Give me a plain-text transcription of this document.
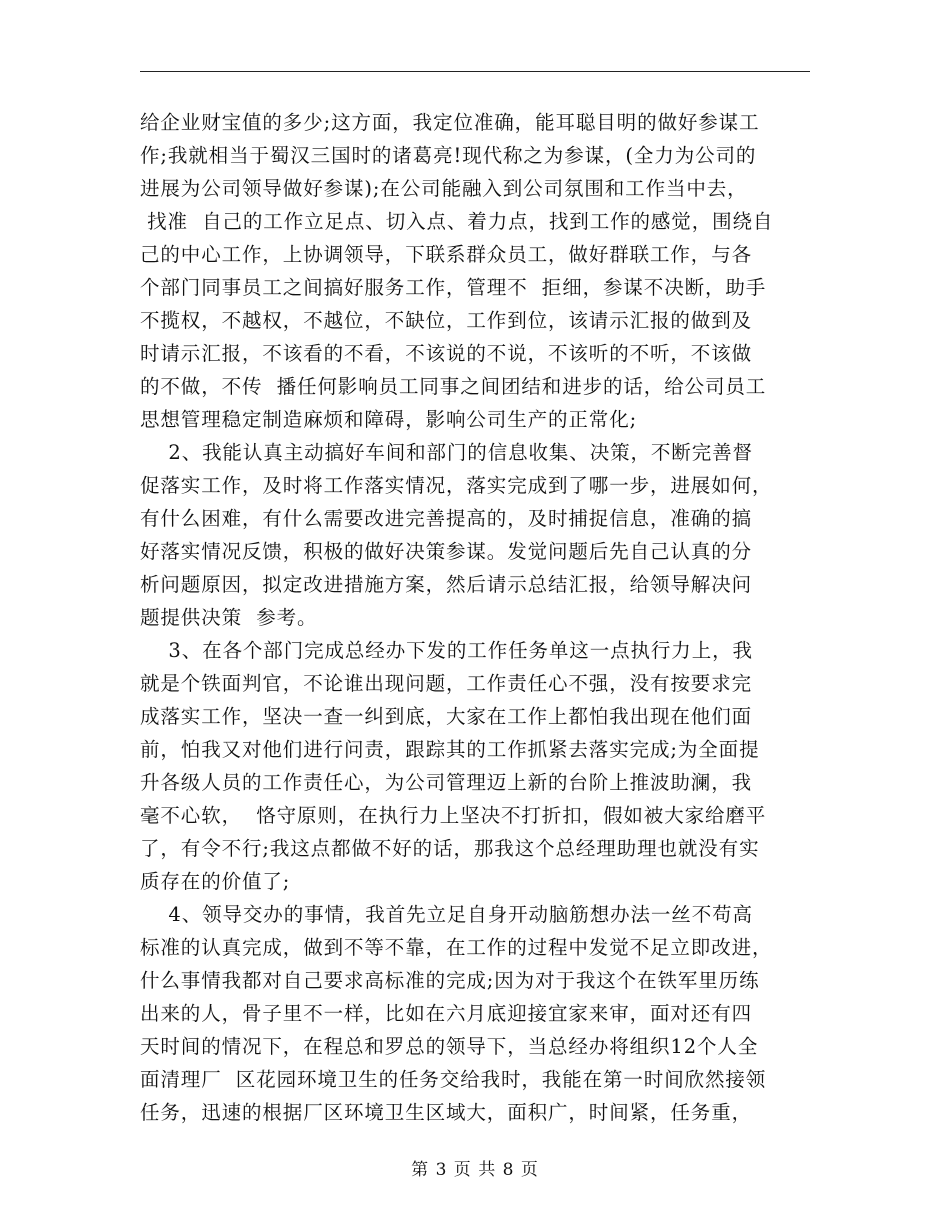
给企业财宝值的多少;这方面，我定位准确，能耳聪目明的做好参谋工
作;我就相当于蜀汉三国时的诸葛亮!现代称之为参谋，(全力为公司的
进展为公司领导做好参谋);在公司能融入到公司氛围和工作当中去，
找准  自己的工作立足点、切入点、着力点，找到工作的感觉，围绕自
己的中心工作，上协调领导，下联系群众员工，做好群联工作，与各
个部门同事员工之间搞好服务工作，管理不  拒细，参谋不决断，助手
不揽权，不越权，不越位，不缺位，工作到位，该请示汇报的做到及
时请示汇报，不该看的不看，不该说的不说，不该听的不听，不该做
的不做，不传  播任何影响员工同事之间团结和进步的话，给公司员工
思想管理稳定制造麻烦和障碍，影响公司生产的正常化;
2、我能认真主动搞好车间和部门的信息收集、决策，不断完善督
促落实工作，及时将工作落实情况，落实完成到了哪一步，进展如何，
有什么困难，有什么需要改进完善提高的，及时捕捉信息，准确的搞
好落实情况反馈，积极的做好决策参谋。发觉问题后先自己认真的分
析问题原因，拟定改进措施方案，然后请示总结汇报，给领导解决问
题提供决策  参考。
3、在各个部门完成总经办下发的工作任务单这一点执行力上，我
就是个铁面判官，不论谁出现问题，工作责任心不强，没有按要求完
成落实工作，坚决一查一纠到底，大家在工作上都怕我出现在他们面
前，怕我又对他们进行问责，跟踪其的工作抓紧去落实完成;为全面提
升各级人员的工作责任心，为公司管理迈上新的台阶上推波助澜，我
毫不心软，  恪守原则，在执行力上坚决不打折扣，假如被大家给磨平
了，有令不行;我这点都做不好的话，那我这个总经理助理也就没有实
质存在的价值了;
4、领导交办的事情，我首先立足自身开动脑筋想办法一丝不苟高
标准的认真完成，做到不等不靠，在工作的过程中发觉不足立即改进，
什么事情我都对自己要求高标准的完成;因为对于我这个在铁军里历练
出来的人，骨子里不一样，比如在六月底迎接宜家来审，面对还有四
天时间的情况下，在程总和罗总的领导下，当总经办将组织12个人全
面清理厂  区花园环境卫生的任务交给我时，我能在第一时间欣然接领
任务，迅速的根据厂区环境卫生区域大，面积广，时间紧，任务重，
第 3 页 共 8 页
